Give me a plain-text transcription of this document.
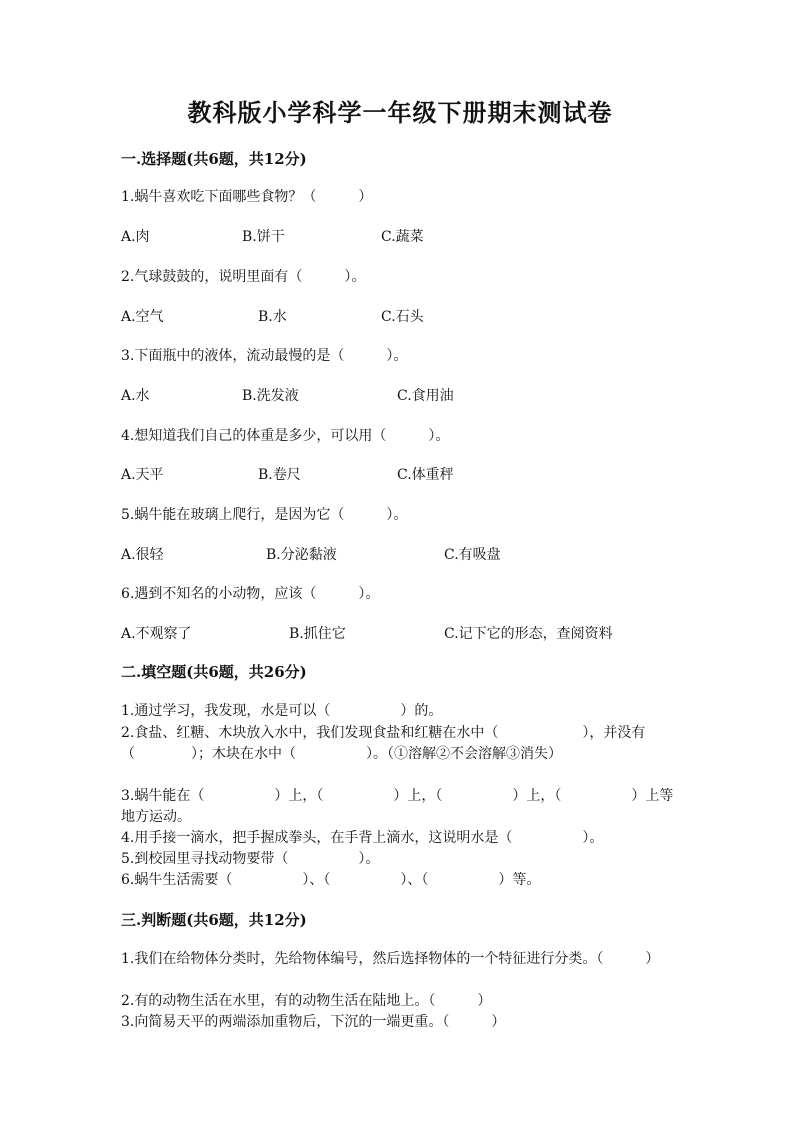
教科版小学科学一年级下册期末测试卷
一.选择题(共6题，共12分)
1.蜗牛喜欢吃下面哪些食物？（　　　）
A.肉	B.饼干	C.蔬菜
2.气球鼓鼓的，说明里面有（　　　）。
A.空气	B.水	C.石头
3.下面瓶中的液体，流动最慢的是（　　　）。
A.水	B.洗发液	C.食用油
4.想知道我们自己的体重是多少，可以用（　　　）。
A.天平	B.卷尺	C.体重秤
5.蜗牛能在玻璃上爬行，是因为它（　　　）。
A.很轻	B.分泌黏液	C.有吸盘
6.遇到不知名的小动物，应该（　　　）。
A.不观察了	B.抓住它	C.记下它的形态，查阅资料
二.填空题(共6题，共26分)
1.通过学习，我发现，水是可以（　　　　　）的。
2.食盐、红糖、木块放入水中，我们发现食盐和红糖在水中（　　　　　　），并没有（　　　　）；木块在水中（　　　　　）。（①溶解②不会溶解③消失）
3.蜗牛能在（　　　　　）上，（　　　　　）上，（　　　　　）上，（　　　　　）上等地方运动。
4.用手接一滴水，把手握成拳头，在手背上滴水，这说明水是（　　　　　）。
5.到校园里寻找动物要带（　　　　　）。
6.蜗牛生活需要（　　　　　）、（　　　　　）、（　　　　　）等。
三.判断题(共6题，共12分)
1.我们在给物体分类时，先给物体编号，然后选择物体的一个特征进行分类。（　　　）
2.有的动物生活在水里，有的动物生活在陆地上。（　　　）
3.向简易天平的两端添加重物后，下沉的一端更重。（　　　）
